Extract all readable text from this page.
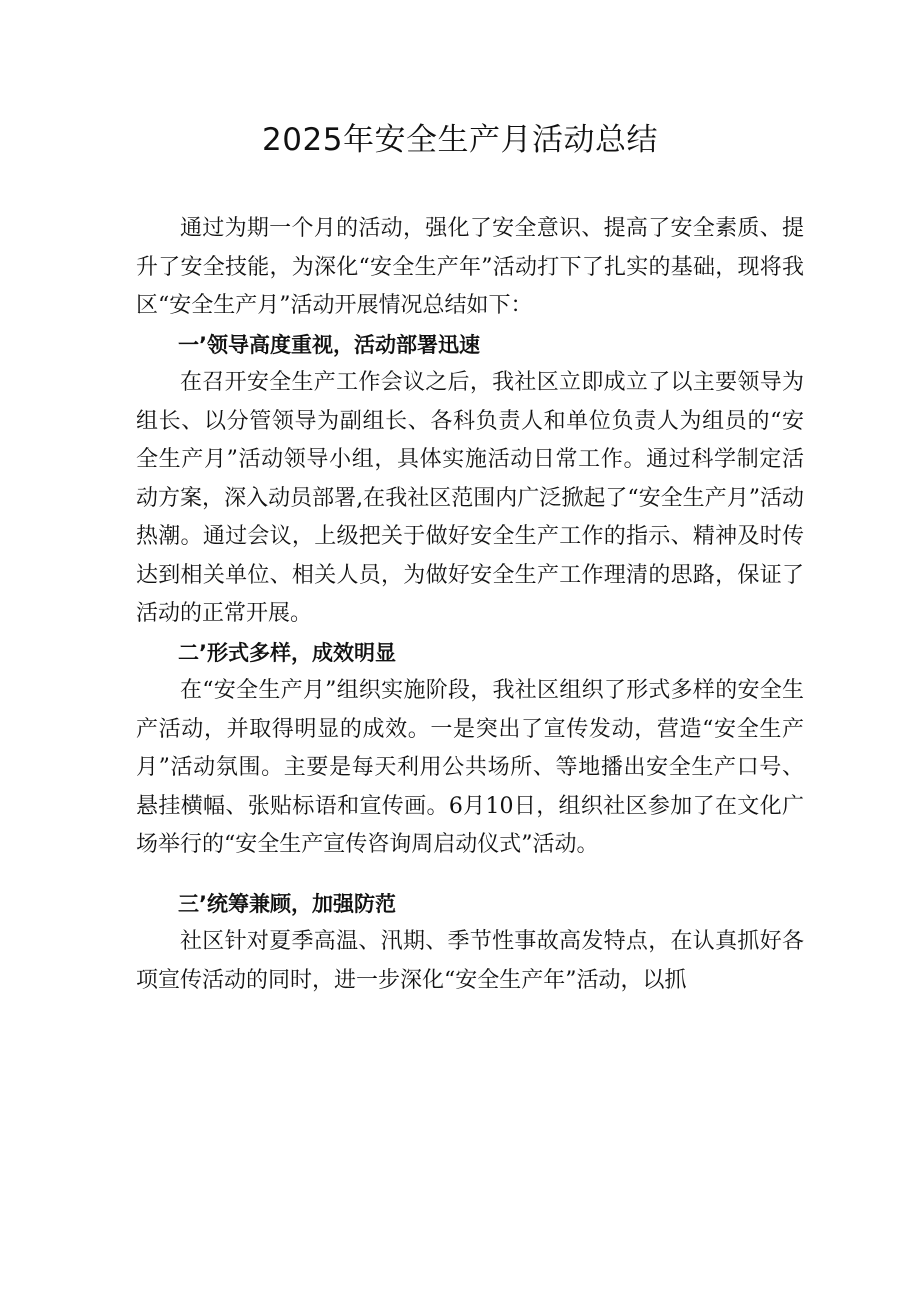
2025年安全生产月活动总结

通过为期一个月的活动，强化了安全意识、提高了安全素质、提升了安全技能，为深化“安全生产年”活动打下了扎实的基础，现将我区“安全生产月”活动开展情况总结如下：

一’领导高度重视，活动部署迅速

在召开安全生产工作会议之后，我社区立即成立了以主要领导为组长、以分管领导为副组长、各科负责人和单位负责人为组员的“安全生产月”活动领导小组，具体实施活动日常工作。通过科学制定活动方案，深入动员部署,在我社区范围内广泛掀起了“安全生产月”活动热潮。通过会议，上级把关于做好安全生产工作的指示、精神及时传达到相关单位、相关人员，为做好安全生产工作理清的思路，保证了活动的正常开展。

二’形式多样，成效明显

在“安全生产月”组织实施阶段，我社区组织了形式多样的安全生产活动，并取得明显的成效。一是突出了宣传发动，营造“安全生产月”活动氛围。主要是每天利用公共场所、等地播出安全生产口号、悬挂横幅、张贴标语和宣传画。6月10日，组织社区参加了在文化广场举行的“安全生产宣传咨询周启动仪式”活动。

三’统筹兼顾，加强防范

社区针对夏季高温、汛期、季节性事故高发特点，在认真抓好各项宣传活动的同时，进一步深化“安全生产年”活动，以抓
